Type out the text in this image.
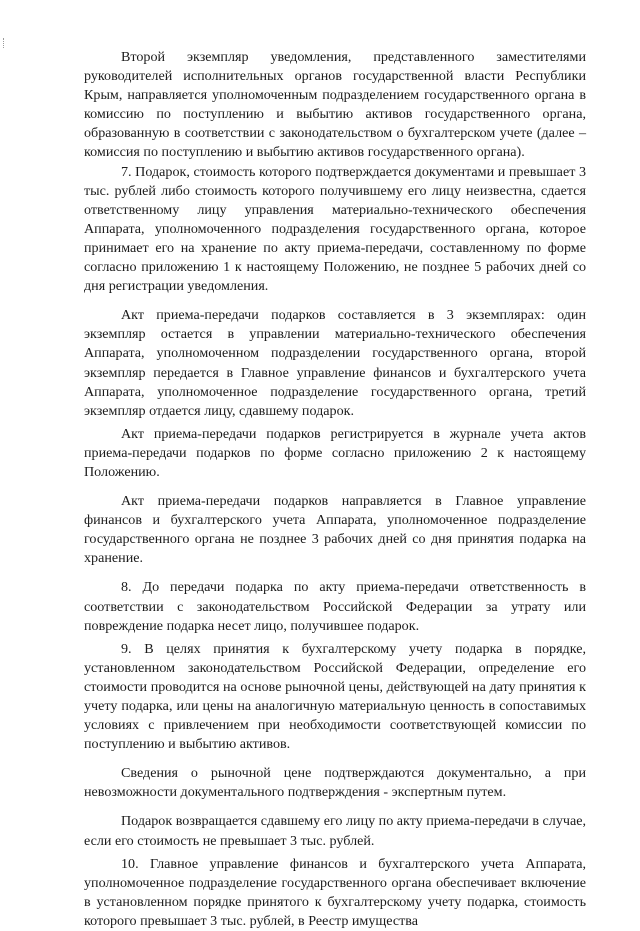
Второй экземпляр уведомления, представленного заместителями руководителей исполнительных органов государственной власти Республики Крым, направляется уполномоченным подразделением государственного органа в комиссию по поступлению и выбытию активов государственного органа, образованную в соответствии с законодательством о бухгалтерском учете (далее – комиссия по поступлению и выбытию активов государственного органа).

7. Подарок, стоимость которого подтверждается документами и превышает 3 тыс. рублей либо стоимость которого получившему его лицу неизвестна, сдается ответственному лицу управления материально-технического обеспечения Аппарата, уполномоченного подразделения государственного органа, которое принимает его на хранение по акту приема-передачи, составленному по форме согласно приложению 1 к настоящему Положению, не позднее 5 рабочих дней со дня регистрации уведомления.

Акт приема-передачи подарков составляется в 3 экземплярах: один экземпляр остается в управлении материально-технического обеспечения Аппарата, уполномоченном подразделении государственного органа, второй экземпляр передается в Главное управление финансов и бухгалтерского учета Аппарата, уполномоченное подразделение государственного органа, третий экземпляр отдается лицу, сдавшему подарок.

Акт приема-передачи подарков регистрируется в журнале учета актов приема-передачи подарков по форме согласно приложению 2 к настоящему Положению.

Акт приема-передачи подарков направляется в Главное управление финансов и бухгалтерского учета Аппарата, уполномоченное подразделение государственного органа не позднее 3 рабочих дней со дня принятия подарка на хранение.

8. До передачи подарка по акту приема-передачи ответственность в соответствии с законодательством Российской Федерации за утрату или повреждение подарка несет лицо, получившее подарок.

9. В целях принятия к бухгалтерскому учету подарка в порядке, установленном законодательством Российской Федерации, определение его стоимости проводится на основе рыночной цены, действующей на дату принятия к учету подарка, или цены на аналогичную материальную ценность в сопоставимых условиях с привлечением при необходимости соответствующей комиссии по поступлению и выбытию активов.

Сведения о рыночной цене подтверждаются документально, а при невозможности документального подтверждения - экспертным путем.

Подарок возвращается сдавшему его лицу по акту приема-передачи в случае, если его стоимость не превышает 3 тыс. рублей.

10. Главное управление финансов и бухгалтерского учета Аппарата, уполномоченное подразделение государственного органа обеспечивает включение в установленном порядке принятого к бухгалтерскому учету подарка, стоимость которого превышает 3 тыс. рублей, в Реестр имущества
